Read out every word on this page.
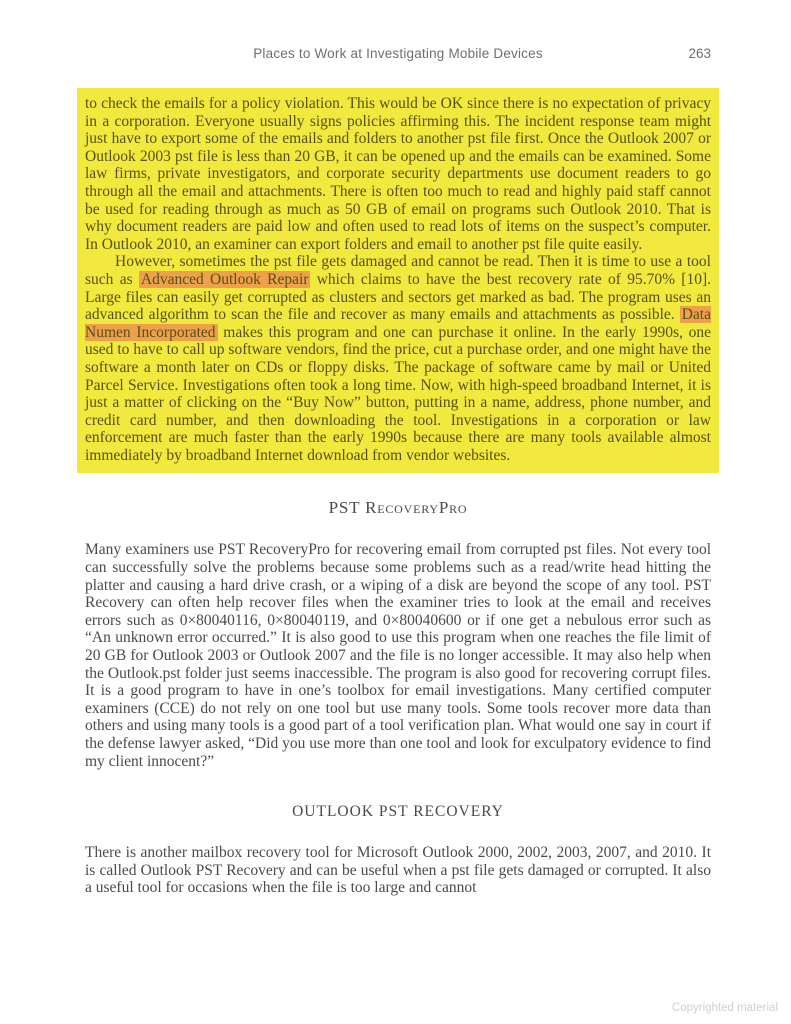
Places to Work at Investigating Mobile Devices	263

to check the emails for a policy violation. This would be OK since there is no expectation of privacy in a corporation. Everyone usually signs policies affirming this. The incident response team might just have to export some of the emails and folders to another pst file first. Once the Outlook 2007 or Outlook 2003 pst file is less than 20 GB, it can be opened up and the emails can be examined. Some law firms, private investigators, and corporate security departments use document readers to go through all the email and attachments. There is often too much to read and highly paid staff cannot be used for reading through as much as 50 GB of email on programs such Outlook 2010. That is why document readers are paid low and often used to read lots of items on the suspect’s computer. In Outlook 2010, an examiner can export folders and email to another pst file quite easily.

However, sometimes the pst file gets damaged and cannot be read. Then it is time to use a tool such as Advanced Outlook Repair which claims to have the best recovery rate of 95.70% [10]. Large files can easily get corrupted as clusters and sectors get marked as bad. The program uses an advanced algorithm to scan the file and recover as many emails and attachments as possible. Data Numen Incorporated makes this program and one can purchase it online. In the early 1990s, one used to have to call up software vendors, find the price, cut a purchase order, and one might have the software a month later on CDs or floppy disks. The package of software came by mail or United Parcel Service. Investigations often took a long time. Now, with high-speed broadband Internet, it is just a matter of clicking on the “Buy Now” button, putting in a name, address, phone number, and credit card number, and then downloading the tool. Investigations in a corporation or law enforcement are much faster than the early 1990s because there are many tools available almost immediately by broadband Internet download from vendor websites.

PST RecoveryPro

Many examiners use PST RecoveryPro for recovering email from corrupted pst files. Not every tool can successfully solve the problems because some problems such as a read/write head hitting the platter and causing a hard drive crash, or a wiping of a disk are beyond the scope of any tool. PST Recovery can often help recover files when the examiner tries to look at the email and receives errors such as 0×80040116, 0×80040119, and 0×80040600 or if one get a nebulous error such as “An unknown error occurred.” It is also good to use this program when one reaches the file limit of 20 GB for Outlook 2003 or Outlook 2007 and the file is no longer accessible. It may also help when the Outlook.pst folder just seems inaccessible. The program is also good for recovering corrupt files. It is a good program to have in one’s toolbox for email investigations. Many certified computer examiners (CCE) do not rely on one tool but use many tools. Some tools recover more data than others and using many tools is a good part of a tool verification plan. What would one say in court if the defense lawyer asked, “Did you use more than one tool and look for exculpatory evidence to find my client innocent?”

OUTLOOK PST RECOVERY

There is another mailbox recovery tool for Microsoft Outlook 2000, 2002, 2003, 2007, and 2010. It is called Outlook PST Recovery and can be useful when a pst file gets damaged or corrupted. It also a useful tool for occasions when the file is too large and cannot

Copyrighted material
